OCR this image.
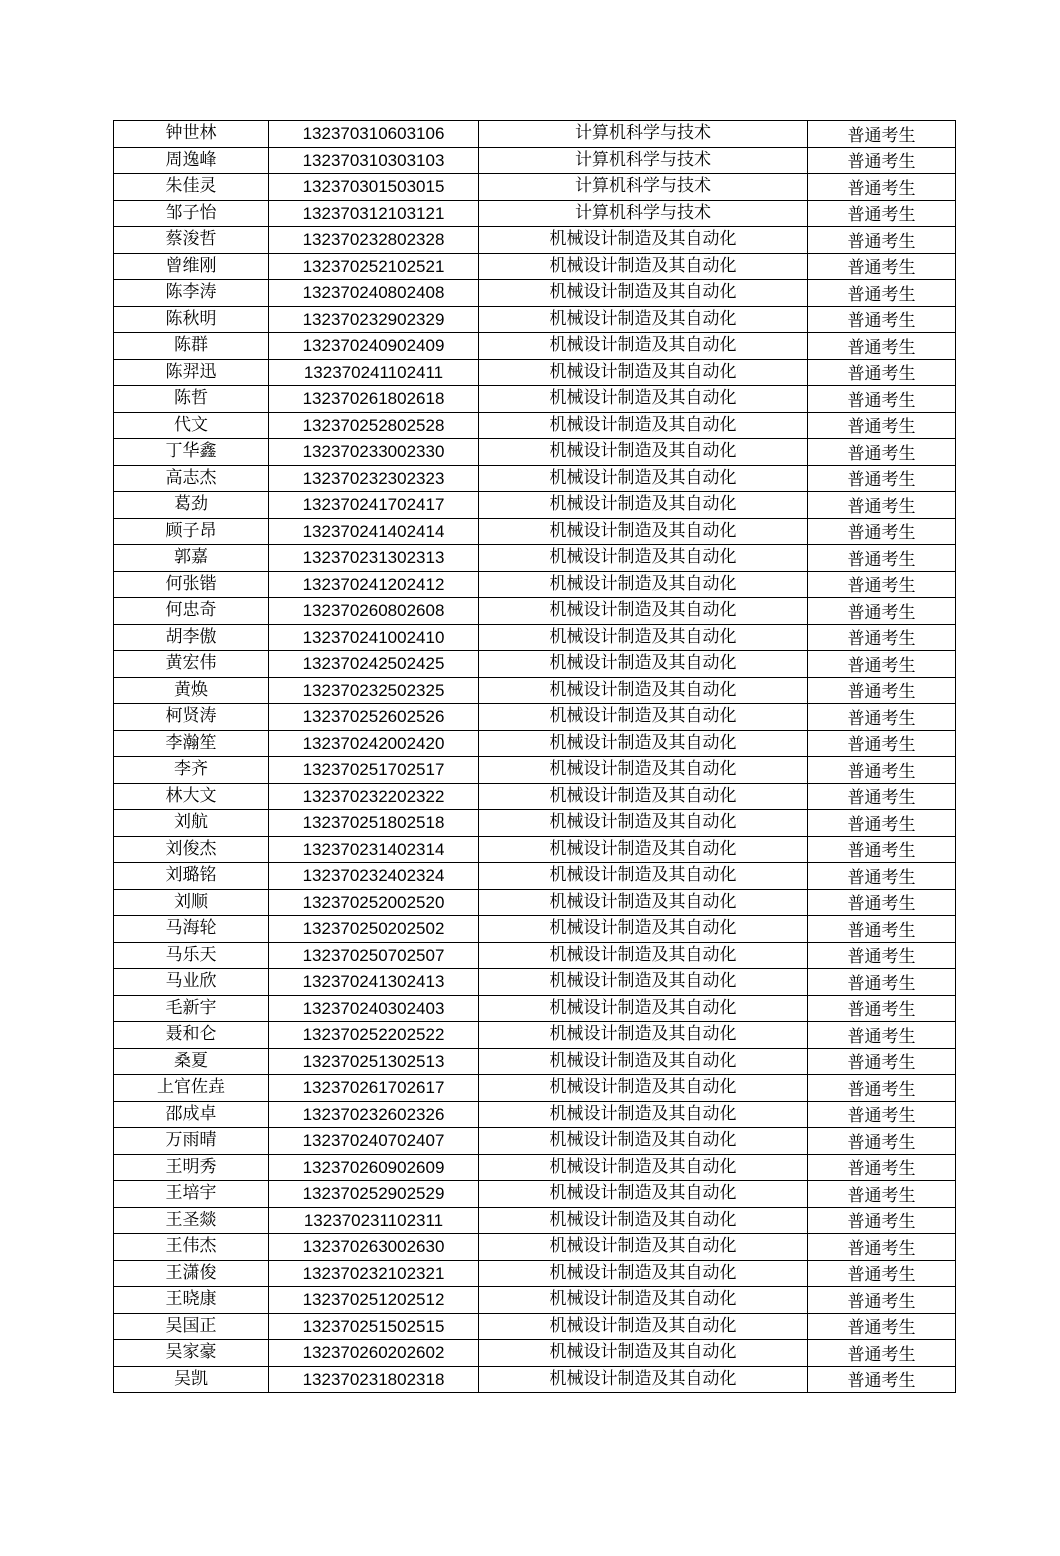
钟世林	132370310603106	计算机科学与技术	普通考生
周逸峰	132370310303103	计算机科学与技术	普通考生
朱佳灵	132370301503015	计算机科学与技术	普通考生
邹子怡	132370312103121	计算机科学与技术	普通考生
蔡浚哲	132370232802328	机械设计制造及其自动化	普通考生
曾维刚	132370252102521	机械设计制造及其自动化	普通考生
陈李涛	132370240802408	机械设计制造及其自动化	普通考生
陈秋明	132370232902329	机械设计制造及其自动化	普通考生
陈群	132370240902409	机械设计制造及其自动化	普通考生
陈羿迅	132370241102411	机械设计制造及其自动化	普通考生
陈哲	132370261802618	机械设计制造及其自动化	普通考生
代文	132370252802528	机械设计制造及其自动化	普通考生
丁华鑫	132370233002330	机械设计制造及其自动化	普通考生
高志杰	132370232302323	机械设计制造及其自动化	普通考生
葛劲	132370241702417	机械设计制造及其自动化	普通考生
顾子昂	132370241402414	机械设计制造及其自动化	普通考生
郭嘉	132370231302313	机械设计制造及其自动化	普通考生
何张锴	132370241202412	机械设计制造及其自动化	普通考生
何忠奇	132370260802608	机械设计制造及其自动化	普通考生
胡李傲	132370241002410	机械设计制造及其自动化	普通考生
黄宏伟	132370242502425	机械设计制造及其自动化	普通考生
黄焕	132370232502325	机械设计制造及其自动化	普通考生
柯贤涛	132370252602526	机械设计制造及其自动化	普通考生
李瀚笙	132370242002420	机械设计制造及其自动化	普通考生
李齐	132370251702517	机械设计制造及其自动化	普通考生
林大文	132370232202322	机械设计制造及其自动化	普通考生
刘航	132370251802518	机械设计制造及其自动化	普通考生
刘俊杰	132370231402314	机械设计制造及其自动化	普通考生
刘璐铭	132370232402324	机械设计制造及其自动化	普通考生
刘顺	132370252002520	机械设计制造及其自动化	普通考生
马海轮	132370250202502	机械设计制造及其自动化	普通考生
马乐天	132370250702507	机械设计制造及其自动化	普通考生
马业欣	132370241302413	机械设计制造及其自动化	普通考生
毛新宇	132370240302403	机械设计制造及其自动化	普通考生
聂和仑	132370252202522	机械设计制造及其自动化	普通考生
桑夏	132370251302513	机械设计制造及其自动化	普通考生
上官佐垚	132370261702617	机械设计制造及其自动化	普通考生
邵成卓	132370232602326	机械设计制造及其自动化	普通考生
万雨晴	132370240702407	机械设计制造及其自动化	普通考生
王明秀	132370260902609	机械设计制造及其自动化	普通考生
王培宇	132370252902529	机械设计制造及其自动化	普通考生
王圣燚	132370231102311	机械设计制造及其自动化	普通考生
王伟杰	132370263002630	机械设计制造及其自动化	普通考生
王潇俊	132370232102321	机械设计制造及其自动化	普通考生
王晓康	132370251202512	机械设计制造及其自动化	普通考生
吴国正	132370251502515	机械设计制造及其自动化	普通考生
吴家豪	132370260202602	机械设计制造及其自动化	普通考生
吴凯	132370231802318	机械设计制造及其自动化	普通考生
